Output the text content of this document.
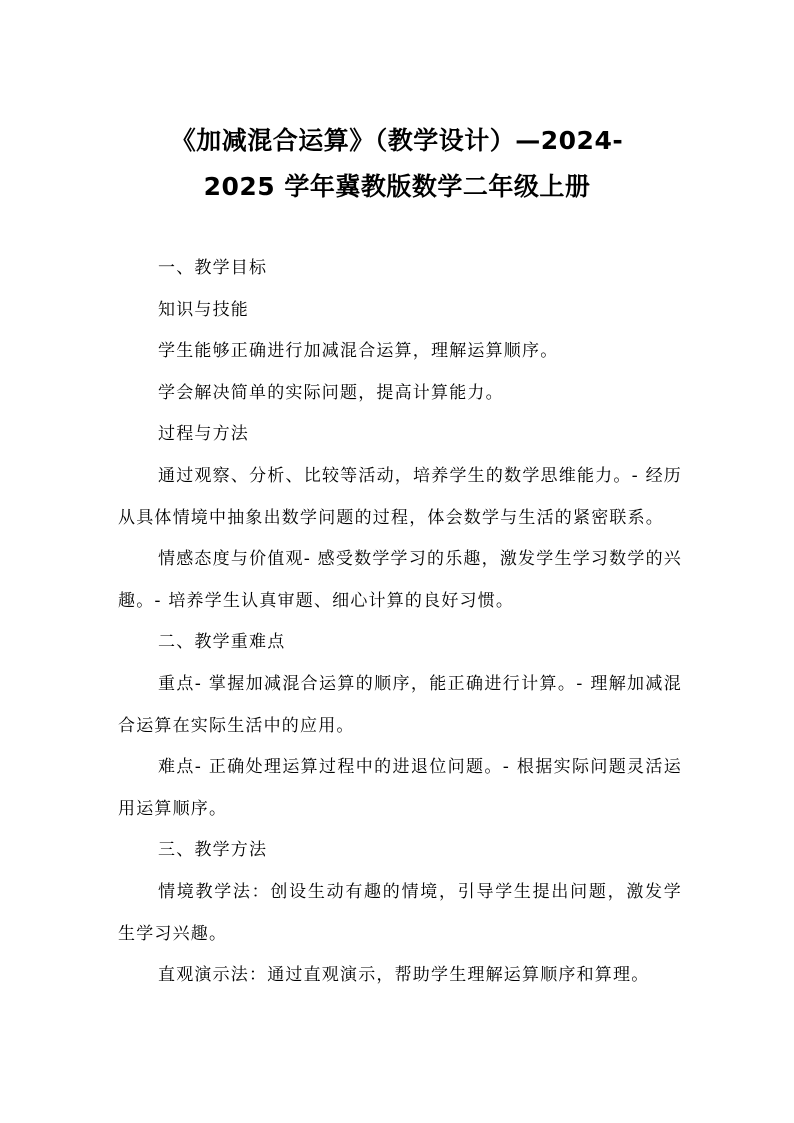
《加减混合运算》（教学设计）—2024-
2025 学年冀教版数学二年级上册

一、教学目标

知识与技能

学生能够正确进行加减混合运算，理解运算顺序。

学会解决简单的实际问题，提高计算能力。

过程与方法

通过观察、分析、比较等活动，培养学生的数学思维能力。- 经历从具体情境中抽象出数学问题的过程，体会数学与生活的紧密联系。

情感态度与价值观- 感受数学学习的乐趣，激发学生学习数学的兴趣。- 培养学生认真审题、细心计算的良好习惯。

二、教学重难点

重点- 掌握加减混合运算的顺序，能正确进行计算。- 理解加减混合运算在实际生活中的应用。

难点- 正确处理运算过程中的进退位问题。- 根据实际问题灵活运用运算顺序。

三、教学方法

情境教学法：创设生动有趣的情境，引导学生提出问题，激发学生学习兴趣。

直观演示法：通过直观演示，帮助学生理解运算顺序和算理。
